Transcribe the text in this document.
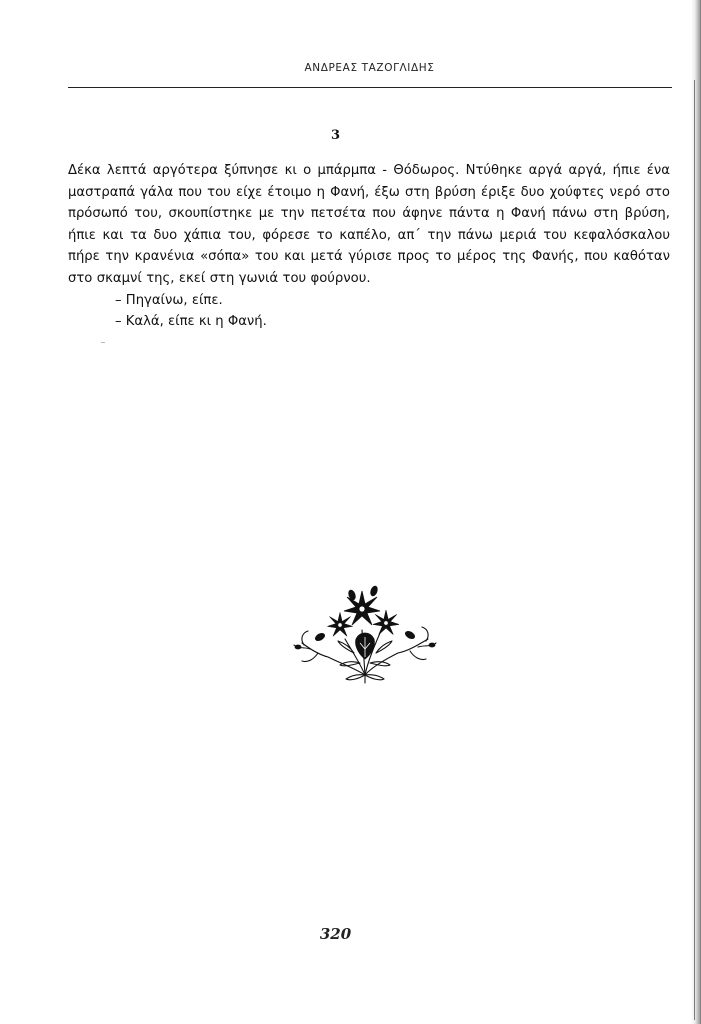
ΑΝΔΡΕΑΣ ΤΑΖΟΓΛΙΔΗΣ
3

Δέκα λεπτά αργότερα ξύπνησε κι ο μπάρμπα - Θόδωρος. Ντύθηκε αργά αργά, ήπιε ένα μαστραπά γάλα που του είχε έτοιμο η Φανή, έξω στη βρύση έριξε δυο χούφτες νερό στο πρόσωπό του, σκουπίστηκε με την πετσέτα που άφηνε πάντα η Φανή πάνω στη βρύση, ήπιε και τα δυο χάπια του, φόρεσε το καπέλο, απ΄ την πάνω μεριά του κεφαλόσκαλου πήρε την κρανένια «σόπα» του και μετά γύρισε προς το μέρος της Φανής, που καθόταν στο σκαμνί της, εκεί στη γωνιά του φούρνου.

– Πηγαίνω, είπε.

– Καλά, είπε κι η Φανή.

320
